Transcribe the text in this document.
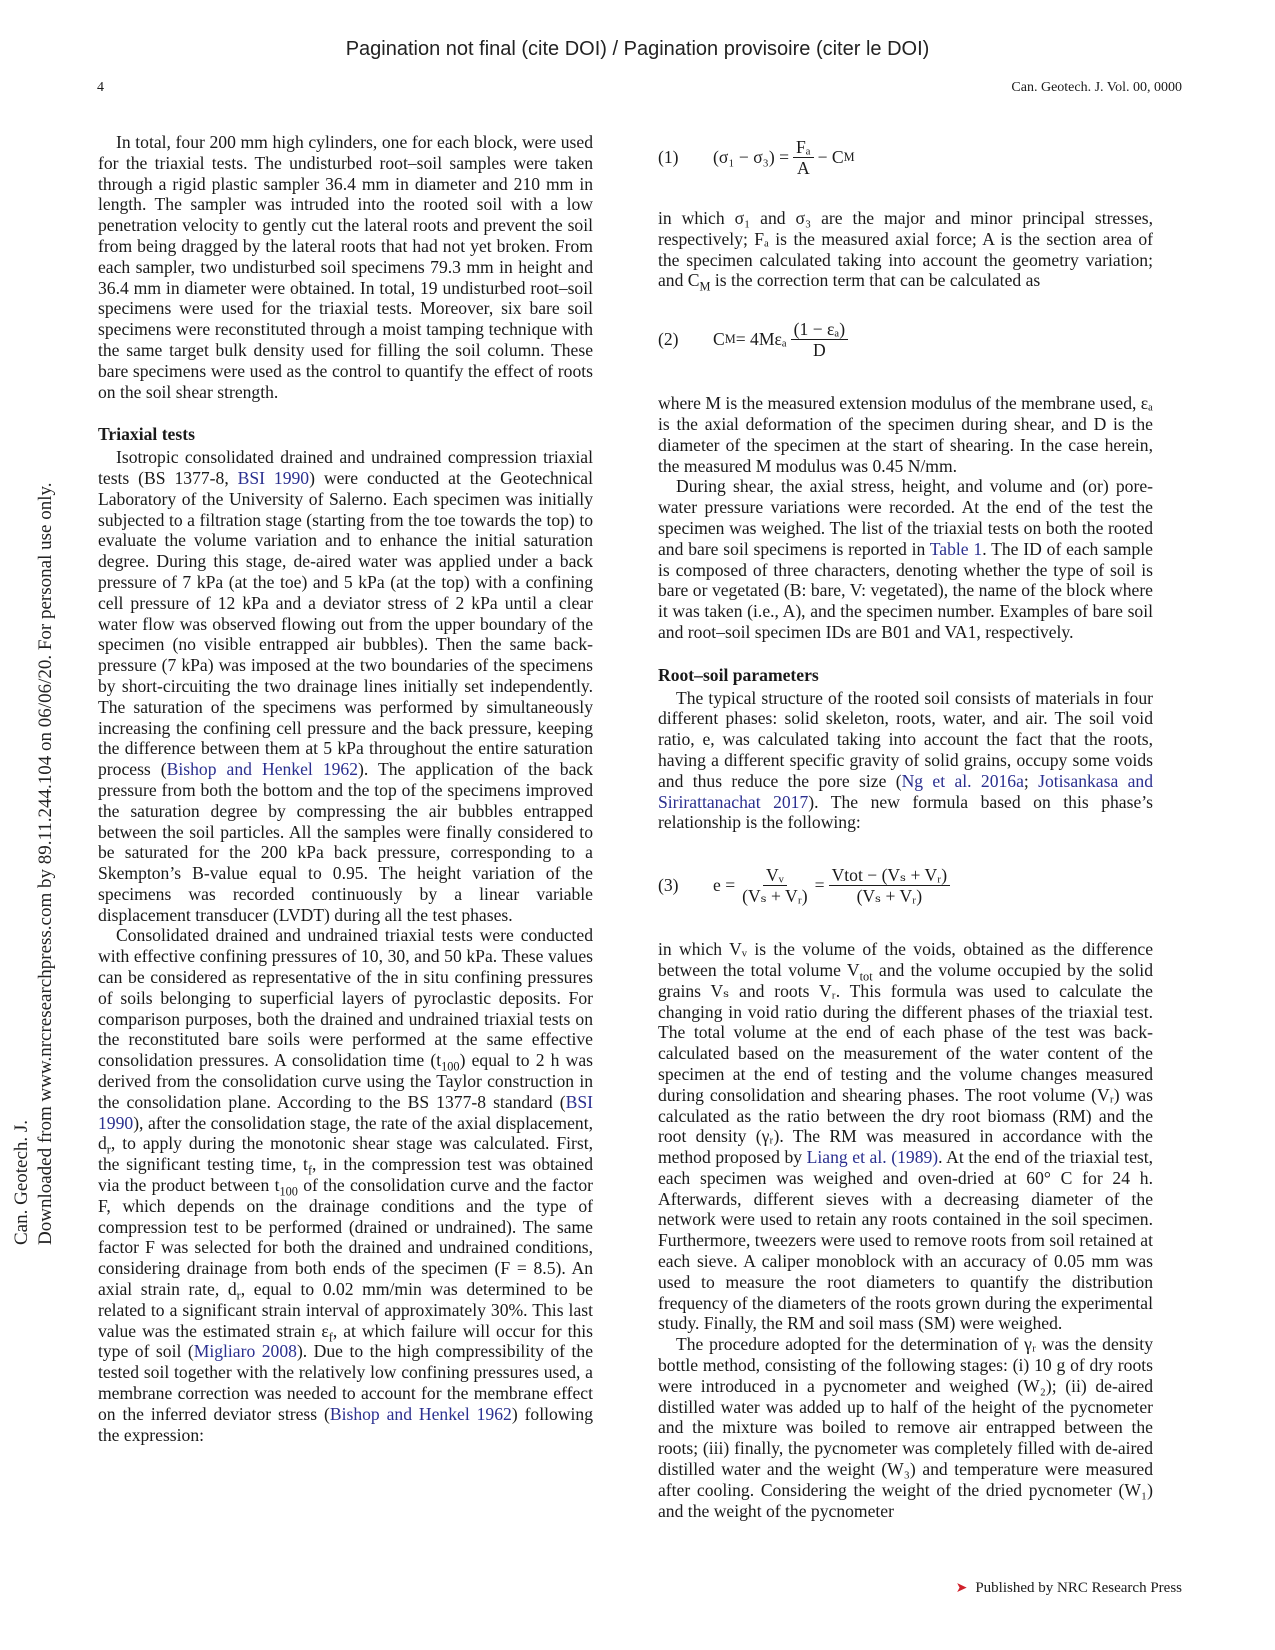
Pagination not final (cite DOI) / Pagination provisoire (citer le DOI)
4	Can. Geotech. J. Vol. 00, 0000
Can. Geotech. J. Downloaded from www.nrcresearchpress.com by 89.11.244.104 on 06/06/20. For personal use only.

In total, four 200 mm high cylinders, one for each block, were used for the triaxial tests. The undisturbed root–soil samples were taken through a rigid plastic sampler 36.4 mm in diameter and 210 mm in length. The sampler was intruded into the rooted soil with a low penetration velocity to gently cut the lateral roots and prevent the soil from being dragged by the lateral roots that had not yet broken. From each sampler, two undisturbed soil specimens 79.3 mm in height and 36.4 mm in diameter were obtained. In total, 19 undisturbed root–soil specimens were used for the triaxial tests. Moreover, six bare soil specimens were reconstituted through a moist tamping technique with the same target bulk density used for filling the soil column. These bare specimens were used as the control to quantify the effect of roots on the soil shear strength.

Triaxial tests

Isotropic consolidated drained and undrained compression triaxial tests (BS 1377-8, BSI 1990) were conducted at the Geotechnical Laboratory of the University of Salerno. Each specimen was initially subjected to a filtration stage (starting from the toe towards the top) to evaluate the volume variation and to enhance the initial saturation degree. During this stage, de-aired water was applied under a back pressure of 7 kPa (at the toe) and 5 kPa (at the top) with a confining cell pressure of 12 kPa and a deviator stress of 2 kPa until a clear water flow was observed flowing out from the upper boundary of the specimen (no visible entrapped air bubbles). Then the same back-pressure (7 kPa) was imposed at the two boundaries of the specimens by short-circuiting the two drainage lines initially set independently. The saturation of the specimens was performed by simultaneously increasing the confining cell pressure and the back pressure, keeping the difference between them at 5 kPa throughout the entire saturation process (Bishop and Henkel 1962). The application of the back pressure from both the bottom and the top of the specimens improved the saturation degree by compressing the air bubbles entrapped between the soil particles. All the samples were finally considered to be saturated for the 200 kPa back pressure, corresponding to a Skempton’s B-value equal to 0.95. The height variation of the specimens was recorded continuously by a linear variable displacement transducer (LVDT) during all the test phases.

Consolidated drained and undrained triaxial tests were conducted with effective confining pressures of 10, 30, and 50 kPa. These values can be considered as representative of the in situ confining pressures of soils belonging to superficial layers of pyroclastic deposits. For comparison purposes, both the drained and undrained triaxial tests on the reconstituted bare soils were performed at the same effective consolidation pressures. A consolidation time $(t_{100})$ equal to 2 h was derived from the consolidation curve using the Taylor construction in the consolidation plane. According to the BS 1377-8 standard (BSI 1990), after the consolidation stage, the rate of the axial displacement, $d_r$, to apply during the monotonic shear stage was calculated. First, the significant testing time, $t_f$, in the compression test was obtained via the product between $t_{100}$ of the consolidation curve and the factor F, which depends on the drainage conditions and the type of compression test to be performed (drained or undrained). The same factor F was selected for both the drained and undrained conditions, considering drainage from both ends of the specimen (F = 8.5). An axial strain rate, $d_r$, equal to 0.02 mm/min was determined to be related to a significant strain interval of approximately 30%. This last value was the estimated strain $\varepsilon_f$, at which failure will occur for this type of soil (Migliaro 2008). Due to the high compressibility of the tested soil together with the relatively low confining pressures used, a membrane correction was needed to account for the membrane effect on the inferred deviator stress (Bishop and Henkel 1962) following the expression:

(1)	$(\sigma_1 - \sigma_3) = \frac{\text{Fₐ}}{A} - C$ M

in which σ₁ and σ₃ are the major and minor principal stresses, respectively; Fₐ is the measured axial force; A is the section area of the specimen calculated taking into account the geometry variation; and $C_M$ is the correction term that can be calculated as

(2)	C $M = 4M\varepsilon_a \frac{\text{(1 − εₐ)}}{D}$

where M is the measured extension modulus of the membrane used, εₐ is the axial deformation of the specimen during shear, and D is the diameter of the specimen at the start of shearing. In the case herein, the measured M modulus was 0.45 N/mm.

During shear, the axial stress, height, and volume and (or) pore-water pressure variations were recorded. At the end of the test the specimen was weighed. The list of the triaxial tests on both the rooted and bare soil specimens is reported in Table 1. The ID of each sample is composed of three characters, denoting whether the type of soil is bare or vegetated (B: bare, V: vegetated), the name of the block where it was taken (i.e., A), and the specimen number. Examples of bare soil and root–soil specimen IDs are B01 and VA1, respectively.

Root–soil parameters

The typical structure of the rooted soil consists of materials in four different phases: solid skeleton, roots, water, and air. The soil void ratio, e, was calculated taking into account the fact that the roots, having a different specific gravity of solid grains, occupy some voids and thus reduce the pore size (Ng et al. 2016a; Jotisankasa and Sirirattanachat 2017). The new formula based on this phase’s relationship is the following:

(3)	$e = \frac{\text{Vᵥ}}{\text{(Vₛ + Vᵣ)}} = \frac{\text{Vtot − (Vₛ + Vᵣ)}}{\text{(Vₛ + Vᵣ)}}$

in which Vᵥ is the volume of the voids, obtained as the difference between the total volume $V_{tot}$ and the volume occupied by the solid grains Vₛ and roots Vᵣ. This formula was used to calculate the changing in void ratio during the different phases of the triaxial test. The total volume at the end of each phase of the test was back-calculated based on the measurement of the water content of the specimen at the end of testing and the volume changes measured during consolidation and shearing phases. The root volume (Vᵣ) was calculated as the ratio between the dry root biomass (RM) and the root density (γᵣ). The RM was measured in accordance with the method proposed by Liang et al. (1989). At the end of the triaxial test, each specimen was weighed and oven-dried at 60° C for 24 h. Afterwards, different sieves with a decreasing diameter of the network were used to retain any roots contained in the soil specimen. Furthermore, tweezers were used to remove roots from soil retained at each sieve. A caliper monoblock with an accuracy of 0.05 mm was used to measure the root diameters to quantify the distribution frequency of the diameters of the roots grown during the experimental study. Finally, the RM and soil mass (SM) were weighed.

The procedure adopted for the determination of γᵣ was the density bottle method, consisting of the following stages: (i) 10 g of dry roots were introduced in a pycnometer and weighed (W₂); (ii) de-aired distilled water was added up to half of the height of the pycnometer and the mixture was boiled to remove air entrapped between the roots; (iii) finally, the pycnometer was completely filled with de-aired distilled water and the weight (W₃) and temperature were measured after cooling. Considering the weight of the dried pycnometer (W₁) and the weight of the pycnometer

➤ Published by NRC Research Press
